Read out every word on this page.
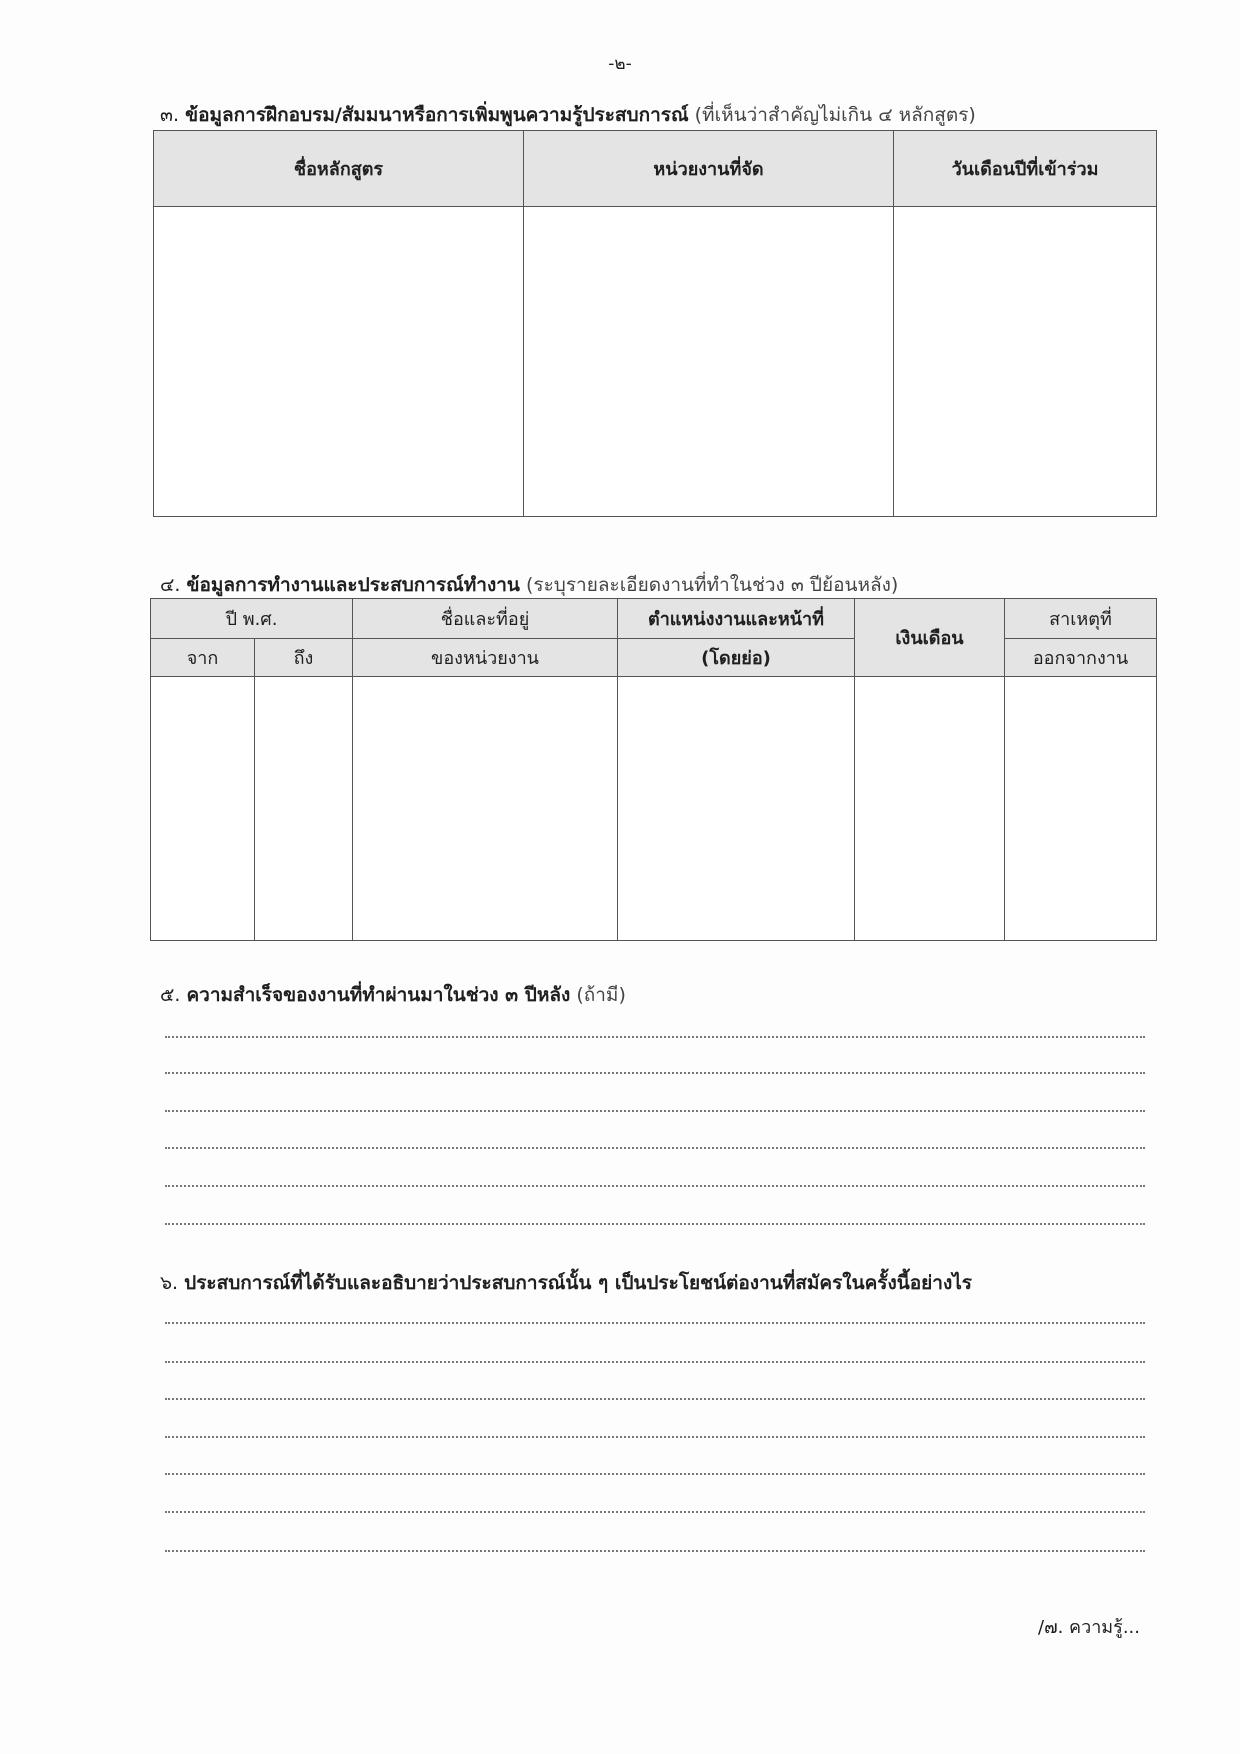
-๒-
๓. ข้อมูลการฝึกอบรม/สัมมนาหรือการเพิ่มพูนความรู้ประสบการณ์ (ที่เห็นว่าสำคัญไม่เกิน ๔ หลักสูตร)
ชื่อหลักสูตร	หน่วยงานที่จัด	วันเดือนปีที่เข้าร่วม

๔. ข้อมูลการทำงานและประสบการณ์ทำงาน (ระบุรายละเอียดงานที่ทำในช่วง ๓ ปีย้อนหลัง)
ปี พ.ศ.		ชื่อและที่อยู่	ตำแหน่งงานและหน้าที่	เงินเดือน	สาเหตุที่
จาก	ถึง	ของหน่วยงาน	(โดยย่อ)		ออกจากงาน

๕. ความสำเร็จของงานที่ทำผ่านมาในช่วง ๓ ปีหลัง (ถ้ามี)
๖. ประสบการณ์ที่ได้รับและอธิบายว่าประสบการณ์นั้น ๆ เป็นประโยชน์ต่องานที่สมัครในครั้งนี้อย่างไร
/๗. ความรู้...
